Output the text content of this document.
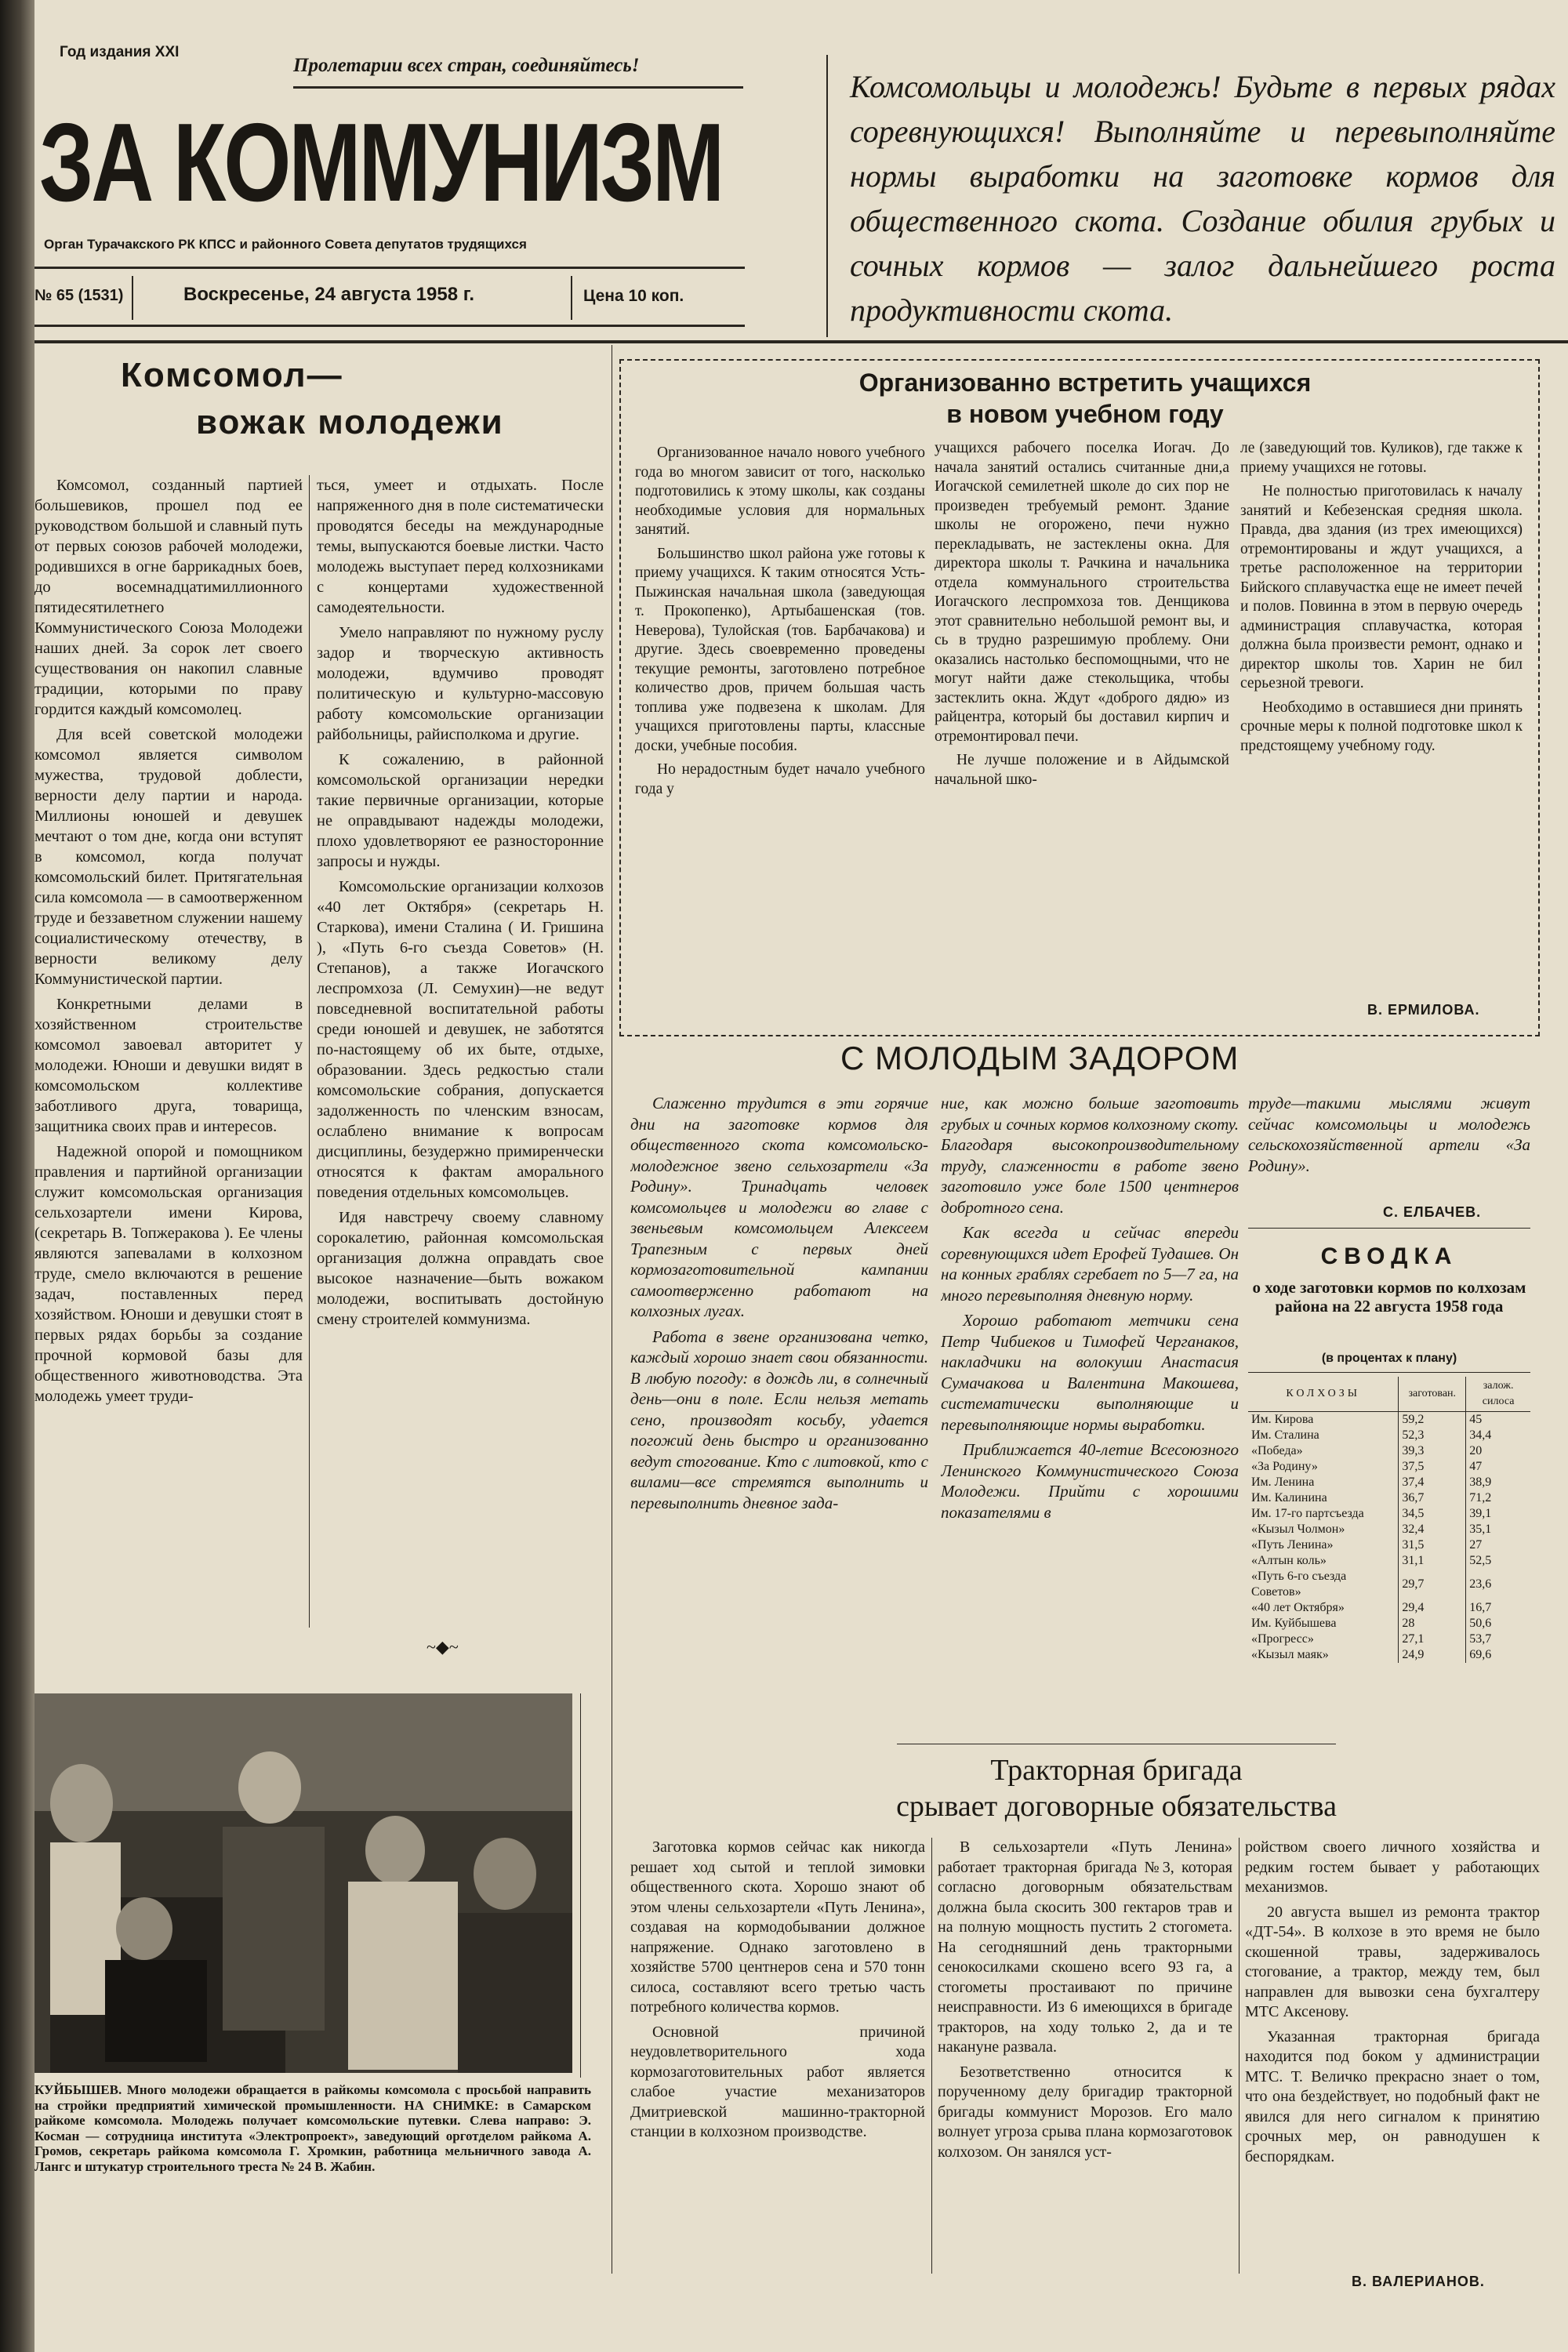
Год издания XXI
Пролетарии всех стран, соединяйтесь!
ЗА КОММУНИЗМ
Орган Турачакского РК КПСС и районного Совета депутатов трудящихся
№ 65 (1531)	Воскресенье, 24 августа 1958 г.	Цена 10 коп.
Комсомольцы и молодежь! Будьте в первых рядах соревнующихся! Выполняйте и перевыполняйте нормы выработки на заготовке кормов для общественного скота. Создание обилия грубых и сочных кормов — залог дальнейшего роста продуктивности скота.
Комсомол—
вожак молодежи

Комсомол, созданный партией большевиков, прошел под ее руководством большой и славный путь от первых союзов рабочей молодежи, родившихся в огне баррикадных боев, до восемнадцатимиллионного пятидесятилетнего Коммунистического Союза Молодежи наших дней. За сорок лет своего существования он накопил славные традиции, которыми по праву гордится каждый комсомолец.

Для всей советской молодежи комсомол является символом мужества, трудовой доблести, верности делу партии и народа. Миллионы юношей и девушек мечтают о том дне, когда они вступят в комсомол, когда получат комсомольский билет. Притягательная сила комсомола — в самоотверженном труде и беззаветном служении нашему социалистическому отечеству, в верности великому делу Коммунистической партии.

Конкретными делами в хозяйственном строительстве комсомол завоевал авторитет у молодежи. Юноши и девушки видят в комсомольском коллективе заботливого друга, товарища, защитника своих прав и интересов.

Надежной опорой и помощником правления и партийной организации служит комсомольская организация сельхозартели имени Кирова, (секретарь В. Топжеракова ). Ее члены являются запевалами в колхозном труде, смело включаются в решение задач, поставленных перед хозяйством. Юноши и девушки стоят в первых рядах борьбы за создание прочной кормовой базы для общественного животноводства. Эта молодежь умеет труди-

ться, умеет и отдыхать. После напряженного дня в поле систематически проводятся беседы на международные темы, выпускаются боевые листки. Часто молодежь выступает перед колхозниками с концертами художественной самодеятельности.

Умело направляют по нужному руслу задор и творческую активность молодежи, вдумчиво проводят политическую и культурно-массовую работу комсомольские организации райбольницы, райисполкома и другие.

К сожалению, в районной комсомольской организации нередки такие первичные организации, которые не оправдывают надежды молодежи, плохо удовлетворяют ее разносторонние запросы и нужды.

Комсомольские организации колхозов «40 лет Октября» (секретарь Н. Старкова), имени Сталина ( И. Гришина ), «Путь 6-го съезда Советов» (Н. Степанов), а также Иогачского леспромхоза (Л. Семухин)—не ведут повседневной воспитательной работы среди юношей и девушек, не заботятся по-настоящему об их быте, отдыхе, образовании. Здесь редкостью стали комсомольские собрания, допускается задолженность по членским взносам, ослаблено внимание к вопросам дисциплины, безудержно примиренчески относятся к фактам аморального поведения отдельных комсомольцев.

Идя навстречу своему славному сорокалетию, районная комсомольская организация должна оправдать свое высокое назначение—быть вожаком молодежи, воспитывать достойную смену строителей коммунизма.

~◆~
Организованно встретить учащихся
в новом учебном году

Организованное начало нового учебного года во многом зависит от того, насколько подготовились к этому школы, как созданы необходимые условия для нормальных занятий.

Большинство школ района уже готовы к приему учащихся. К таким относятся Усть-Пыжинская начальная школа (заведующая т. Прокопенко), Артыбашенская (тов. Неверова), Тулойская (тов. Барбачакова) и другие. Здесь своевременно проведены текущие ремонты, заготовлено потребное количество дров, причем большая часть топлива уже подвезена к школам. Для учащихся приготовлены парты, классные доски, учебные пособия.

Но нерадостным будет начало учебного года у

учащихся рабочего поселка Иогач. До начала занятий остались считанные дни,а Иогачской семилетней школе до сих пор не произведен требуемый ремонт. Здание школы не огорожено, печи нужно перекладывать, не застеклены окна. Для директора школы т. Рачкина и начальника отдела коммунального строительства Иогачского леспромхоза тов. Денщикова этот сравнительно небольшой ремонт вы, и сь в трудно разрешимую проблему. Они оказались настолько беспомощными, что не могут найти даже стекольщика, чтобы застеклить окна. Ждут «доброго дядю» из райцентра, который бы доставил кирпич и отремонтировал печи.

Не лучше положение и в Айдымской начальной шко-

ле (заведующий тов. Куликов), где также к приему учащихся не готовы.

Не полностью приготовилась к началу занятий и Кебезенская средняя школа. Правда, два здания (из трех имеющихся) отремонтированы и ждут учащихся, а третье расположенное на территории Бийского сплавучастка еще не имеет печей и полов. Повинна в этом в первую очередь администрация сплавучастка, которая должна была произвести ремонт, однако и директор школы тов. Харин не бил серьезной тревоги.

Необходимо в оставшиеся дни принять срочные меры к полной подготовке школ к предстоящему учебному году.

В. ЕРМИЛОВА.
С МОЛОДЫМ ЗАДОРОМ

Слаженно трудится в эти горячие дни на заготовке кормов для общественного скота комсомольско-молодежное звено сельхозартели «За Родину». Тринадцать человек комсомольцев и молодежи во главе с звеньевым комсомольцем Алексеем Трапезным с первых дней кормозаготовительной кампании самоотверженно работают на колхозных лугах.

Работа в звене организована четко, каждый хорошо знает свои обязанности. В любую погоду: в дождь ли, в солнечный день—они в поле. Если нельзя метать сено, производят косьбу, удается погожий день быстро и организованно ведут стогование. Кто с литовкой, кто с вилами—все стремятся выполнить и перевыполнить дневное зада-

ние, как можно больше заготовить грубых и сочных кормов колхозному скоту. Благодаря высокопроизводительному труду, слаженности в работе звено заготовило уже боле 1500 центнеров добротного сена.

Как всегда и сейчас впереди соревнующихся идет Ерофей Тудашев. Он на конных граблях сгребает по 5—7 га, на много перевыполняя дневную норму.

Хорошо работают метчики сена Петр Чибиеков и Тимофей Черганаков, накладчики на волокуши Анастасия Сумачакова и Валентина Макошева, систематически выполняющие и перевыполняющие нормы выработки.

Приближается 40-летие Всесоюзного Ленинского Коммунистического Союза Молодежи. Прийти с хорошими показателями в

труде—такими мыслями живут сейчас комсомольцы и молодежь сельскохозяйственной артели «За Родину».

С. ЕЛБАЧЕВ.
СВОДКА
о ходе заготовки кормов по колхозам района на 22 августа 1958 года
(в процентах к плану)
КОЛХОЗЫ	заготован.	залож. силоса
Им. Кирова	59,2	45
Им. Сталина	52,3	34,4
«Победа»	39,3	20
«За Родину»	37,5	47
Им. Ленина	37,4	38,9
Им. Калинина	36,7	71,2
Им. 17-го партсъезда	34,5	39,1
«Кызыл Чолмон»	32,4	35,1
«Путь Ленина»	31,5	27
«Алтын коль»	31,1	52,5
«Путь 6-го съезда Советов»	29,7	23,6
«40 лет Октября»	29,4	16,7
Им. Куйбышева	28	50,6
«Прогресс»	27,1	53,7
«Кызыл маяк»	24,9	69,6
Тракторная бригада
срывает договорные обязательства

Заготовка кормов сейчас как никогда решает ход сытой и теплой зимовки общественного скота. Хорошо знают об этом члены сельхозартели «Путь Ленина», создавая на кормодобывании должное напряжение. Однако заготовлено в хозяйстве 5700 центнеров сена и 570 тонн силоса, составляют всего третью часть потребного количества кормов.

Основной причиной неудовлетворительного хода кормозаготовительных работ является слабое участие механизаторов Дмитриевской машинно-тракторной станции в колхозном производстве.

В сельхозартели «Путь Ленина» работает тракторная бригада №3, которая согласно договорным обязательствам должна была скосить 300 гектаров трав и на полную мощность пустить 2 стогомета. На сегодняшний день тракторными сенокосилками скошено всего 93 га, а стогометы простаивают по причине неисправности. Из 6 имеющихся в бригаде тракторов, на ходу только 2, да и те накануне развала.

Безответственно относится к порученному делу бригадир тракторной бригады коммунист Морозов. Его мало волнует угроза срыва плана кормозаготовок колхозом. Он занялся уст-

ройством своего личного хозяйства и редким гостем бывает у работающих механизмов.

20 августа вышел из ремонта трактор «ДТ-54». В колхозе в это время не было скошенной травы, задерживалось стогование, а трактор, между тем, был направлен для вывозки сена бухгалтеру МТС Аксенову.

Указанная тракторная бригада находится под боком у администрации МТС. Т. Величко прекрасно знает о том, что она бездействует, но подобный факт не явился для него сигналом к принятию срочных мер, он равнодушен к беспорядкам.

В. ВАЛЕРИАНОВ.
КУЙБЫШЕВ. Много молодежи обращается в райкомы комсомола с просьбой направить на стройки предприятий химической промышленности. НА СНИМКЕ: в Самарском райкоме комсомола. Молодежь получает комсомольские путевки. Слева направо: Э. Косман — сотрудница института «Электропроект», заведующий орготделом райкома А. Громов, секретарь райкома комсомола Г. Хромкин, работница мельничного завода А. Лангс и штукатур строительного треста № 24 В. Жабин.
